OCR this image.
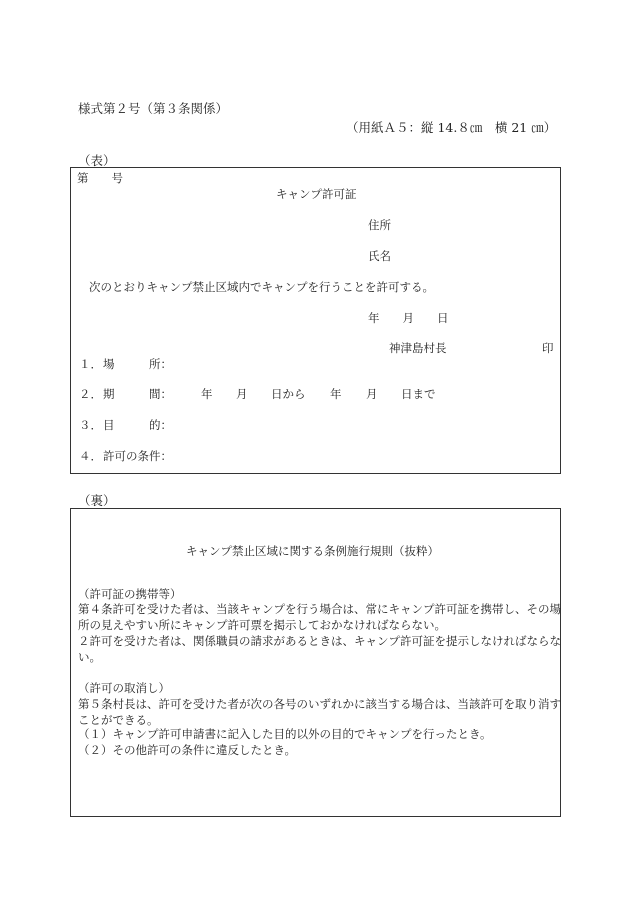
様式第２号（第３条関係）
（用紙Ａ５：縦 14.８㎝　横 21 ㎝）
（表）
第　　号
キャンプ許可証
住所
氏名
次のとおりキャンプ禁止区域内でキャンプを行うことを許可する。
年　　月　　日
神津島村長	印
１． 場　　　所：
２． 期　　　間：	年 月 日から 年 月 日まで
３． 目　　　的：
４． 許可の条件：
（裏）
キャンプ禁止区域に関する条例施行規則（抜粋）
（許可証の携帯等）
第４条許可を受けた者は、当該キャンプを行う場合は、常にキャンプ許可証を携帯し、その場所の見えやすい所にキャンプ許可票を掲示しておかなければならない。
２許可を受けた者は、関係職員の請求があるときは、キャンプ許可証を提示しなければならない。
（許可の取消し）
第５条村長は、許可を受けた者が次の各号のいずれかに該当する場合は、当該許可を取り消すことができる。
（１）キャンプ許可申請書に記入した目的以外の目的でキャンプを行ったとき。
（２）その他許可の条件に違反したとき。
